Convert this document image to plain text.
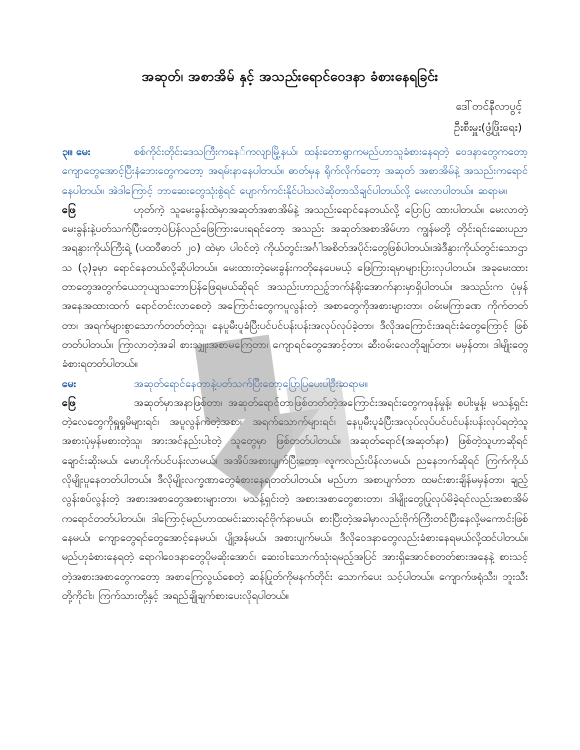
အဆုတ်၊ အစာအိမ် နှင့် အသည်းရောင်ဝေဒနာ ခံစားနေရခြင်း
ဒေါ်တင်နီလာပွင့်
ဦးစီးမှူး(ဖွံ့ဖြိုးရေး)
၃၊။ မေး	စစ်ကိုင်းတိုင်းဒေသကြီးကနေ်ကလျာမြို့နယ်၊ ထန်းတောရွာကမည်ဟာသူခံစားနေရတဲ့ ဝေဒနာတွေကတော့ ကျောတွေအောင့်ပြီးနံဘေးတွေကတော့ အရမ်းနာနေပါတယ်။ ဓာတ်မှန ရိုက်လိုက်တော့ အဆုတ် အစာအိမ်နဲ့ အသည်းကရောင်နေပါတယ်။ အဲဒါကြောင့် ဘာဆေးတွေသုံးစွဲရင် ပျောက်ကင်းနိုင်ပါသလဲဆိုတာသိချင်ပါတယ်လို့ မေးလာပါတယ်။ ဆရာမ။
ဖြေ	ဟုတ်ကဲ့ သူမေးခွန်းထဲမှာအဆုတ်အစာအိမ်နဲ့ အသည်းရောင်နေတယ်လို့ ပြောပြ ထားပါတယ်။ မေးလာတဲ့ မေးခွန်းနဲ့ပတ်သက်ပြီးတော့ပဲပြန်လည်ဖြေကြားပေးရရင်တော့ အသည်း အဆုတ်အစာအိမ်ဟာ ကျွန်မတို့ တိုင်းရင်းဆေးပညာအရနွားကိုယ်ကြီးရဲ့ (ပထဝီဓာတ် ၂၀) ထဲမှာ ပါဝင်တဲ့ ကိုယ်တွင်းအင်္ဂါအစိတ်အပိုင်းတွေဖြစ်ပါတယ်။အဲဒီနွားကိုယ်တွင်းသောဌာသ (၃)ခုမှာ ရောင်နေတယ်လို့ဆိုပါတယ်။ မေးထားတဲ့မေးခွန်းကတိုနေပေမယ့် ဖြေကြားရမှာများပြားလှပါတယ်။ အခုမေးထားတာတွေအတွက်ယေဘုယျသဘောပြန်ဖြေရမယ်ဆိုရင် အသည်းဟာညဉ့်ဘက်နံရိုးအောက်နားမှာရှိပါတယ်။ အသည်းက ပုံမှန်အနေအထားထက် ရောင်တင်းလာစေတဲ့ အကြောင်းတွေကပူလွန်းတဲ့ အစာတွေကိုအစားများတာ၊ ဝမ်းမကြာခဏ ကိုက်တတ်တာ၊ အရက်များစွာသောက်တတ်တဲ့သူ၊ နေပူမီးပူခံပြီးပင်ပင်ပန်းပန်းအလုပ်လုပ်ခဲ့တာ၊ ဒီလိုအကြောင်းအရင်းခံတွေကြောင့် ဖြစ်တတ်ပါတယ်။ ကြာလာတဲ့အခါ စားသျှုးအစာမကြေတာ၊ ကျောရင်တွေအောင့်တာ၊ ဆီးဝမ်းလေတိုချုပ်တာ၊ မမှန်တာ၊ ဒါမျိုးတွေခံစားရတတ်ပါတယ်။
မေး	အဆုတ်ရောင်နေတာနဲ့ပတ်သက်ပြီးတော့ပြောပြပေးပါဦးဆရာမ။
ဖြေ	အဆုတ်မှာအနာဖြစ်တာ၊ အဆုတ်ရောင်တာဖြစ်တတ်တဲ့အကြောင်းအရင်းတွေကဖုန်မှုန့်၊ စပါးမှုန့်၊ မသန့်ရှင်းတဲ့လေတွေကိုရှူရှုမိများရင်၊ အပူလွန်ကဲတဲ့အစာ၊ အရက်သောက်များရင်၊ နေပူမီးပူခံပြီးအလုပ်လုပ်ပင်ပင်ပန်းပန်းလုပ်ရတဲ့သူအစားပုံမှန်မစားတဲ့သူ၊ အားအင်နည်းပါးတဲ့ သူတွေမှာ ဖြစ်တတ်ပါတယ်။ အဆုတ်ရောင်(အဆုတ်နာ) ဖြစ်တဲ့သူဟာဆိုရင် ချောင်းဆိုးမယ်၊ မောဟိုက်ပင်ပန်းလာမယ်၊ အအိပ်အစားပျက်ပြီးတော့ လူကလည်းပိန်လာမယ်၊ ညနေဘက်ဆိုရင် ကြက်ကိုယ်လိုမျိုးပူနေတတ်ပါတယ်။ ဒီလိုမျိုးလက္ခဏာတွေခံစားနေရတတ်ပါတယ်။ မည်ဟာ အစာပျက်တာ ထမင်းစားချိန်မမှန်တာ၊ ချည့်လွန်းစပ်လွန်းတဲ့ အစားအစာတွေအစားများတာ၊ မသန့်ရှင်းတဲ့ အစားအစာတွေစားတာ၊ ဒါမျိုးတွေပြုလုပ်မိခဲ့ရင်လည်းအစာအိမ်ကရောင်တတ်ပါတယ်။ ဒါကြောင့်မည်ဟာထမင်းဆားရင်ဗိုက်နာမယ်၊ စားပြီးတဲ့အခါမှာလည်းဗိုက်ကြီးတင်ပြီးနေလို့မကောင်းဖြစ်နေမယ်၊ ကျောတွေရင်တွေအောင့်နေမယ်၊ ပျို့အန်မယ်၊ အစားပျက်မယ်၊ ဒီလိုဝေဒနာတွေလည်းခံစားနေရမယ်လို့ထင်ပါတယ်။ မည်ဟုခံစားနေရတဲ့ ရောဂါဝေဒနာတွေပိုမဆိုးအောင်၊ ဆေးဝါးသောက်သုံးရမည့်အပြင် အားရှိအောင်စတတ်စားအနေနဲ့ စားသင့်တဲ့အစားအစာတွေကတော့ အစာကြေလွယ်စေတဲ့ ဆန်ပြုတ်ကိုမနက်တိုင်း သောက်ပေး သင့်ပါတယ်။ ကျောက်ဖရုံသီး၊ ဘူးသီးတို့ကိုငါး၊ ကြက်သားတို့နှင့် အရည်ချိုချက်စားပေးလိုရပါတယ်။
